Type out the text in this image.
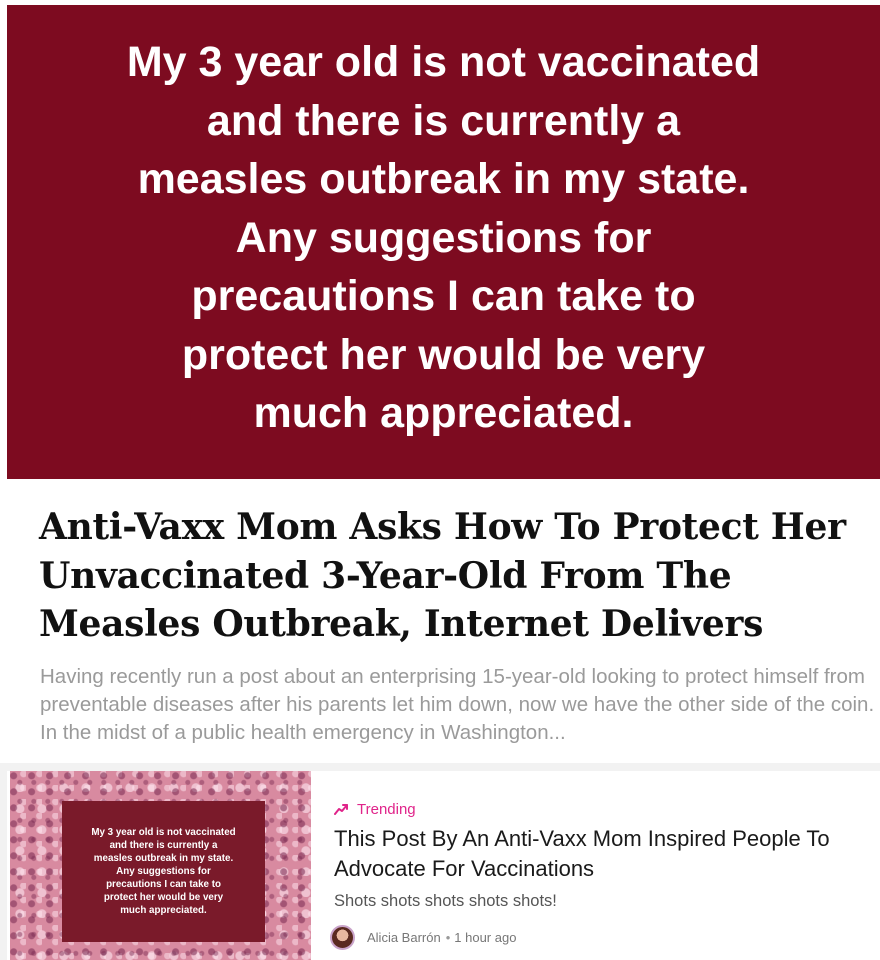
My 3 year old is not vaccinated
and there is currently a
measles outbreak in my state.
Any suggestions for
precautions I can take to
protect her would be very
much appreciated.
Anti-Vaxx Mom Asks How To Protect Her Unvaccinated 3-Year-Old From The Measles Outbreak, Internet Delivers

Having recently run a post about an enterprising 15-year-old looking to protect himself from preventable diseases after his parents let him down, now we have the other side of the coin. In the midst of a public health emergency in Washington...

My 3 year old is not vaccinated
and there is currently a
measles outbreak in my state.
Any suggestions for
precautions I can take to
protect her would be very
much appreciated.
Trending
This Post By An Anti-Vaxx Mom Inspired People To Advocate For Vaccinations
Shots shots shots shots shots!
Alicia Barrón • 1 hour ago
